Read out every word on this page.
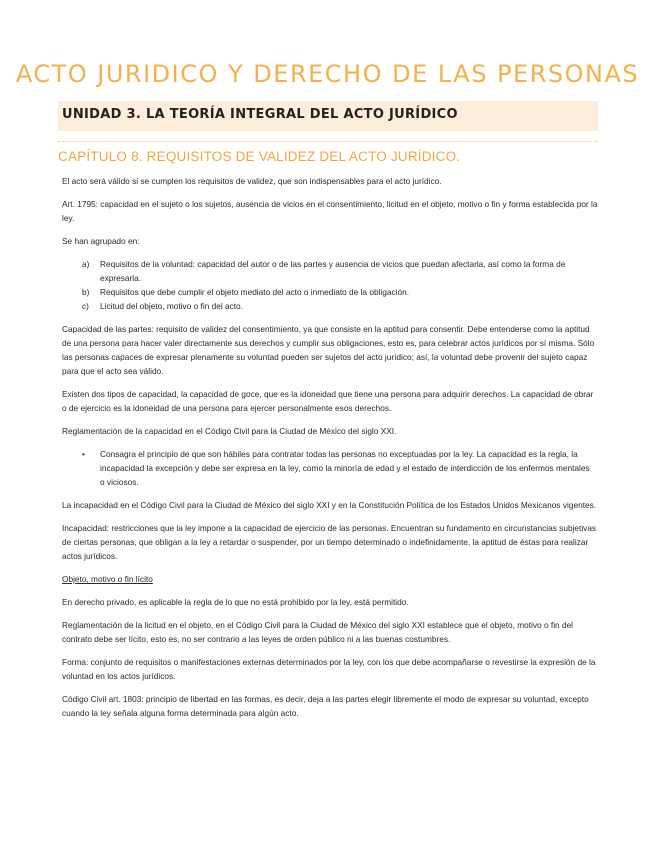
ACTO JURIDICO Y DERECHO DE LAS PERSONAS
UNIDAD 3. LA TEORÍA INTEGRAL DEL ACTO JURÍDICO
CAPÍTULO 8. REQUISITOS DE VALIDEZ DEL ACTO JURÍDICO.

El acto será válido si se cumplen los requisitos de validez, que son indispensables para el acto jurídico.

Art. 1795: capacidad en el sujeto o los sujetos, ausencia de vicios en el consentimiento, licitud en el objeto, motivo o fin y forma establecida por la ley.

Se han agrupado en:

a)	Requisitos de la voluntad: capacidad del autor o de las partes y ausencia de vicios que puedan afectarla, así como la forma de expresarla.
b)	Requisitos que debe cumplir el objeto mediato del acto o inmediato de la obligación.
c)	Licitud del objeto, motivo o fin del acto.

Capacidad de las partes: requisito de validez del consentimiento, ya que consiste en la aptitud para consentir. Debe entenderse como la aptitud de una persona para hacer valer directamente sus derechos y cumplir sus obligaciones, esto es, para celebrar actos jurídicos por sí misma. Sólo las personas capaces de expresar plenamente su voluntad pueden ser sujetos del acto jurídico; así, la voluntad debe provenir del sujeto capaz para que el acto sea válido.

Existen dos tipos de capacidad, la capacidad de goce, que es la idoneidad que tiene una persona para adquirir derechos. La capacidad de obrar o de ejercicio es la idoneidad de una persona para ejercer personalmente esos derechos.

Reglamentación de la capacidad en el Código Civil para la Ciudad de México del siglo XXI.

•	Consagra el principio de que son hábiles para contratar todas las personas no exceptuadas por la ley. La capacidad es la regla, la incapacidad la excepción y debe ser expresa en la ley, como la minoría de edad y el estado de interdicción de los enfermos mentales o viciosos.

La incapacidad en el Código Civil para la Ciudad de México del siglo XXI y en la Constitución Política de los Estados Unidos Mexicanos vigentes.

Incapacidad: restricciones que la ley impone a la capacidad de ejercicio de las personas. Encuentran su fundamento en circunstancias subjetivas de ciertas personas, que obligan a la ley a retardar o suspender, por un tiempo determinado o indefinidamente, la aptitud de éstas para realizar actos jurídicos.

Objeto, motivo o fin lícito

En derecho privado, es aplicable la regla de lo que no está prohibido por la ley, está permitido.

Reglamentación de la licitud en el objeto, en el Código Civil para la Ciudad de México del siglo XXI establece que el objeto, motivo o fin del contrato debe ser lícito, esto es, no ser contrario a las leyes de orden público ni a las buenas costumbres.

Forma: conjunto de requisitos o manifestaciones externas determinados por la ley, con los que debe acompañarse o revestirse la expresión de la voluntad en los actos jurídicos.

Código Civil art. 1803: principio de libertad en las formas, es decir, deja a las partes elegir libremente el modo de expresar su voluntad, excepto cuando la ley señala alguna forma determinada para algún acto.
